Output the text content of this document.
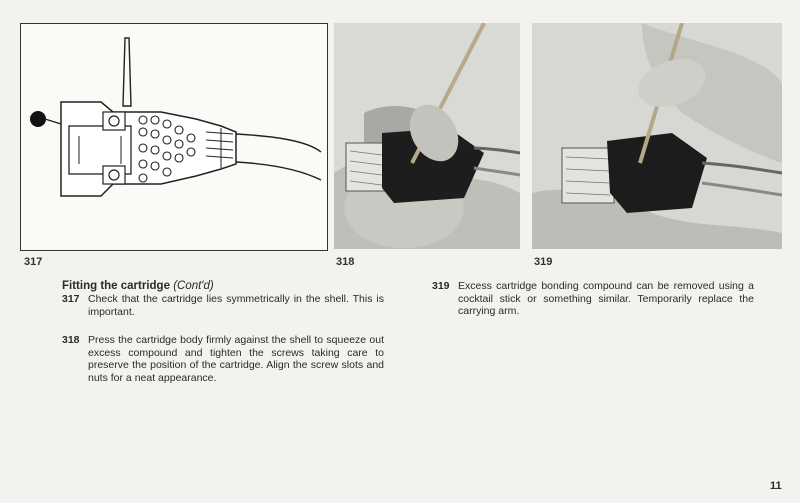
317	318	319
Fitting the cartridge (Cont'd)
317 Check that the cartridge lies symmetrically in the shell. This is important.
318 Press the cartridge body firmly against the shell to squeeze out excess compound and tighten the screws taking care to preserve the position of the cartridge. Align the screw slots and nuts for a neat appearance.
319 Excess cartridge bonding compound can be removed using a cocktail stick or something similar. Temporarily replace the carrying arm.
11
